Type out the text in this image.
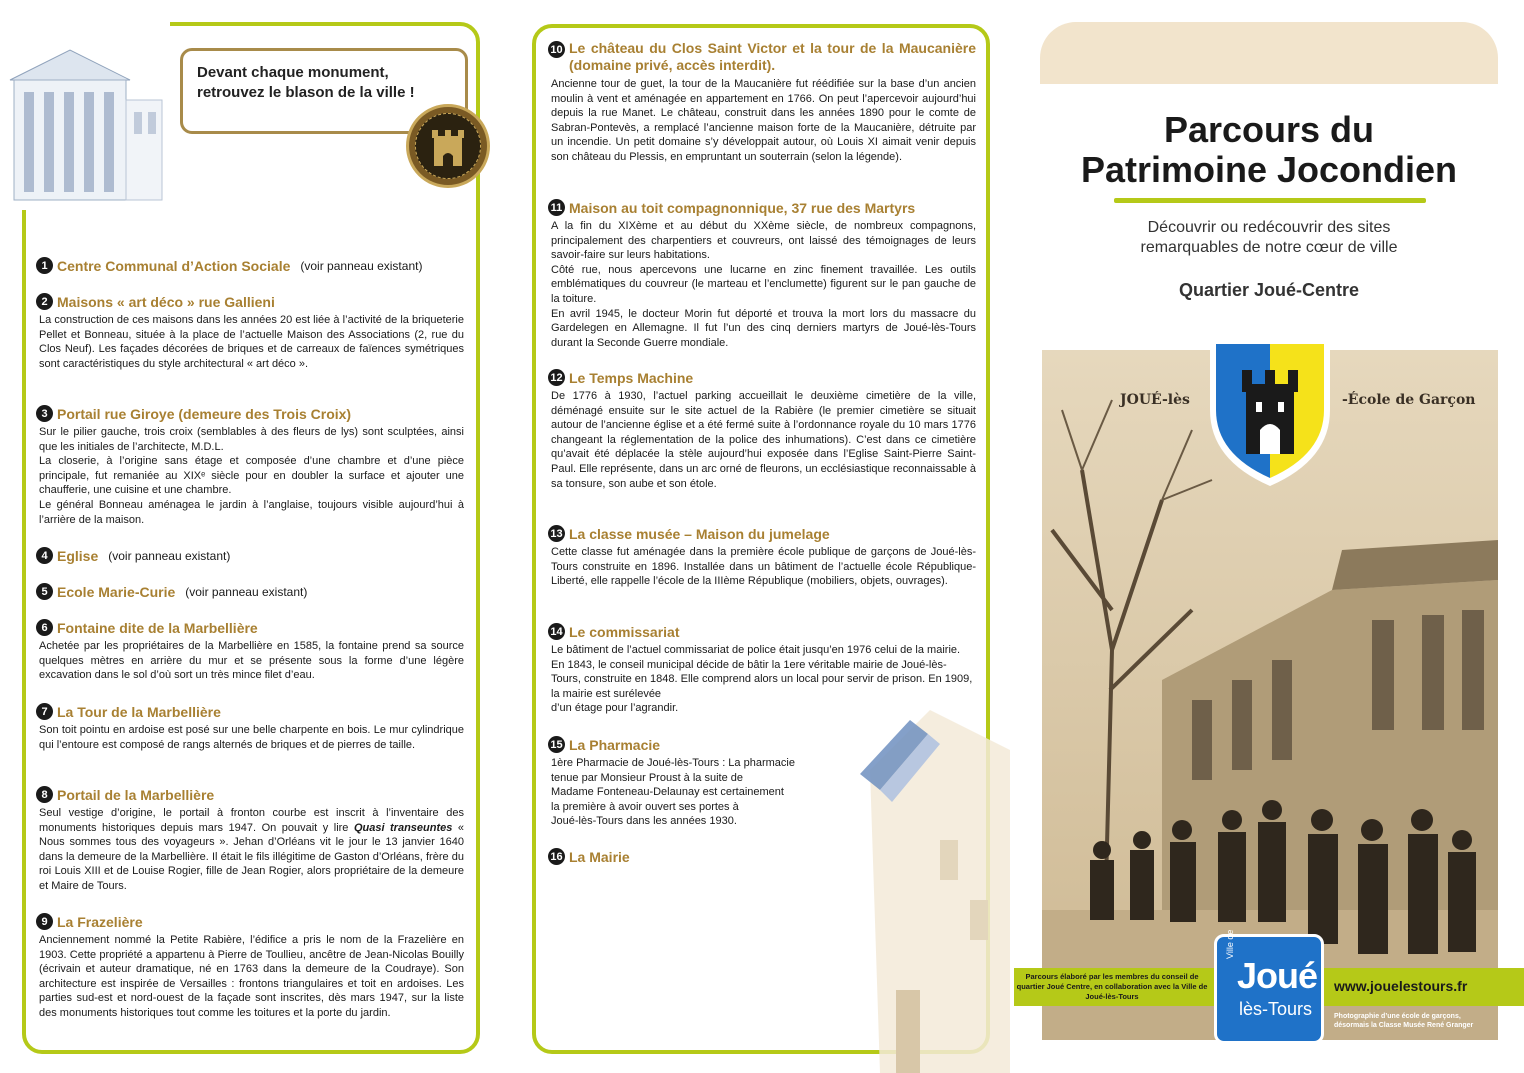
Devant chaque monument,
retrouvez le blason de la ville !
1 Centre Communal d’Action Sociale (voir panneau existant)
2 Maisons « art déco » rue Gallieni

La construction de ces maisons dans les années 20 est liée à l’activité de la briqueterie Pellet et Bonneau, située à la place de l’actuelle Maison des Associations (2, rue du Clos Neuf). Les façades décorées de briques et de carreaux de faïences symétriques sont caractéristiques du style architectural « art déco ».

3 Portail rue Giroye (demeure des Trois Croix)

Sur le pilier gauche, trois croix (semblables à des fleurs de lys) sont sculptées, ainsi que les initiales de l’architecte, M.D.L.

La closerie, à l’origine sans étage et composée d’une chambre et d’une pièce principale, fut remaniée au XIXᵉ siècle pour en doubler la surface et ajouter une chaufferie, une cuisine et une chambre.

Le général Bonneau aménagea le jardin à l’anglaise, toujours visible aujourd’hui à l’arrière de la maison.

4 Eglise (voir panneau existant)
5 Ecole Marie-Curie (voir panneau existant)
6 Fontaine dite de la Marbellière

Achetée par les propriétaires de la Marbellière en 1585, la fontaine prend sa source quelques mètres en arrière du mur et se présente sous la forme d’une légère excavation dans le sol d’où sort un très mince filet d’eau.

7 La Tour de la Marbellière

Son toit pointu en ardoise est posé sur une belle charpente en bois. Le mur cylindrique qui l’entoure est composé de rangs alternés de briques et de pierres de taille.

8 Portail de la Marbellière

Seul vestige d’origine, le portail à fronton courbe est inscrit à l’inventaire des monuments historiques depuis mars 1947. On pouvait y lire Quasi transeuntes « Nous sommes tous des voyageurs ». Jehan d’Orléans vit le jour le 13 janvier 1640 dans la demeure de la Marbellière. Il était le fils illégitime de Gaston d’Orléans, frère du roi Louis XIII et de Louise Rogier, fille de Jean Rogier, alors propriétaire de la demeure et Maire de Tours.

9 La Frazelière

Anciennement nommé la Petite Rabière, l’édifice a pris le nom de la Frazelière en 1903. Cette propriété a appartenu à Pierre de Toullieu, ancêtre de Jean-Nicolas Bouilly (écrivain et auteur dramatique, né en 1763 dans la demeure de la Coudraye). Son architecture est inspirée de Versailles : frontons triangulaires et toit en ardoises. Les parties sud-est et nord-ouest de la façade sont inscrites, dès mars 1947, sur la liste des monuments historiques tout comme les toitures et la porte du jardin.

10 Le château du Clos Saint Victor et la tour de la Maucanière (domaine privé, accès interdit).

Ancienne tour de guet, la tour de la Maucanière fut réédifiée sur la base d’un ancien moulin à vent et aménagée en appartement en 1766. On peut l’apercevoir aujourd’hui depuis la rue Manet. Le château, construit dans les années 1890 pour le comte de Sabran-Pontevès, a remplacé l’ancienne maison forte de la Maucanière, détruite par un incendie. Un petit domaine s’y développait autour, où Louis XI aimait venir depuis son château du Plessis, en empruntant un souterrain (selon la légende).

11 Maison au toit compagnonnique, 37 rue des Martyrs

A la fin du XIXème et au début du XXème siècle, de nombreux compagnons, principalement des charpentiers et couvreurs, ont laissé des témoignages de leurs savoir-faire sur leurs habitations.

Côté rue, nous apercevons une lucarne en zinc finement travaillée. Les outils emblématiques du couvreur (le marteau et l’enclumette) figurent sur le pan gauche de la toiture.

En avril 1945, le docteur Morin fut déporté et trouva la mort lors du massacre du Gardelegen en Allemagne. Il fut l’un des cinq derniers martyrs de Joué-lès-Tours durant la Seconde Guerre mondiale.

12 Le Temps Machine

De 1776 à 1930, l’actuel parking accueillait le deuxième cimetière de la ville, déménagé ensuite sur le site actuel de la Rabière (le premier cimetière se situait autour de l’ancienne église et a été fermé suite à l’ordonnance royale du 10 mars 1776 changeant la réglementation de la police des inhumations). C’est dans ce cimetière qu’avait été déplacée la stèle aujourd’hui exposée dans l’Eglise Saint-Pierre Saint-Paul. Elle représente, dans un arc orné de fleurons, un ecclésiastique reconnaissable à sa tonsure, son aube et son étole.

13 La classe musée – Maison du jumelage

Cette classe fut aménagée dans la première école publique de garçons de Joué-lès-Tours construite en 1896. Installée dans un bâtiment de l’actuelle école République-Liberté, elle rappelle l’école de la IIIème République (mobiliers, objets, ouvrages).

14 Le commissariat

Le bâtiment de l’actuel commissariat de police était jusqu’en 1976 celui de la mairie. En 1843, le conseil municipal décide de bâtir la 1ere véritable mairie de Joué-lès-Tours, construite en 1848. Elle comprend alors un local pour servir de prison. En 1909, la mairie est surélevée

d’un étage pour l’agrandir.

15 La Pharmacie

1ère Pharmacie de Joué-lès-Tours : La pharmacie

tenue par Monsieur Proust à la suite de

Madame Fonteneau-Delaunay est certainement

la première à avoir ouvert ses portes à

Joué-lès-Tours dans les années 1930.

16 La Mairie
Parcours du
Patrimoine Jocondien
Découvrir ou redécouvrir des sites
remarquables de notre cœur de ville
Quartier Joué-Centre
JOUÉ-lès	-École de Garçon
Parcours élaboré par les membres du conseil de quartier Joué Centre, en collaboration avec la Ville de Joué-lès-Tours
www.jouelestours.fr
Ville de
Joué
lès-Tours	Photographie d’une école de garçons, désormais la Classe Musée René Granger
